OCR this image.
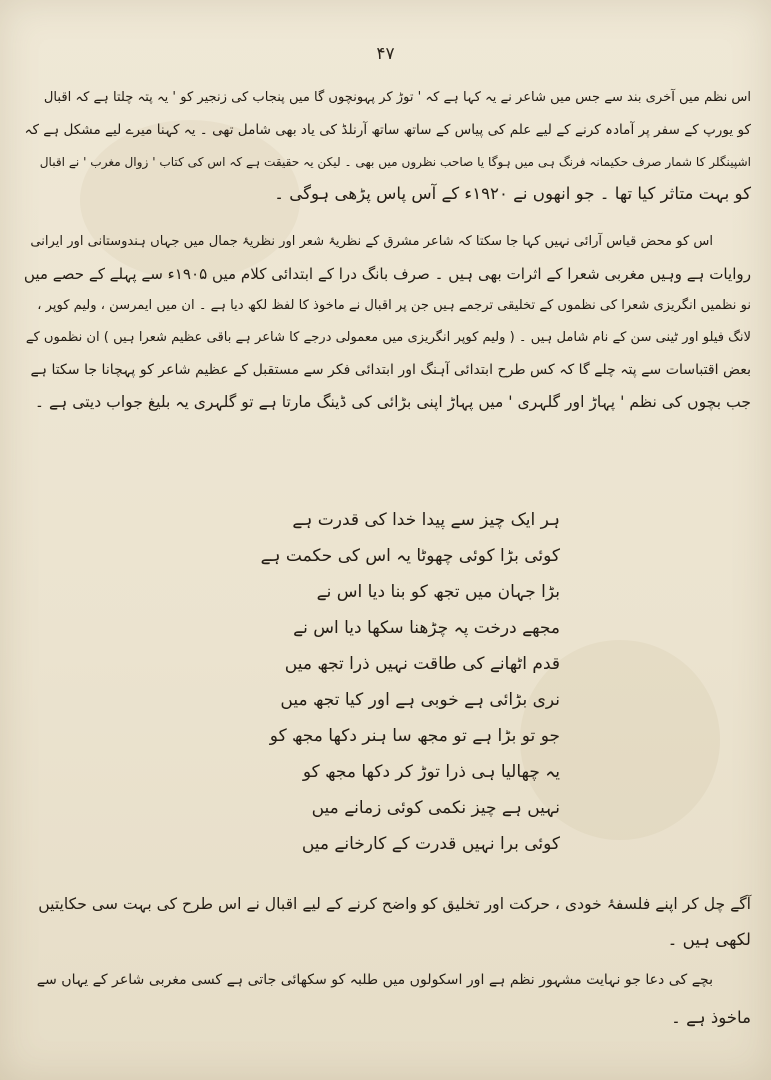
۴۷
اس نظم میں آخری بند سے جس میں شاعر نے یہ کہا ہے کہ ' توڑ کر پہونچوں گا میں پنجاب کی زنجیر کو ' یہ پتہ چلتا ہے کہ اقبال
کو یورپ کے سفر پر آمادہ کرنے کے لیے علم کی پیاس کے ساتھ ساتھ آرنلڈ کی یاد بھی شامل تھی ۔ یہ کہنا میرے لیے مشکل ہے کہ
اشپینگلر کا شمار صرف حکیمانہ فرنگ ہی میں ہوگا یا صاحب نظروں میں بھی ۔ لیکن یہ حقیقت ہے کہ اس کی کتاب ' زوال مغرب ' نے اقبال
کو بہت متاثر کیا تھا ۔ جو انھوں نے ۱۹۲۰ء کے آس پاس پڑھی ہوگی ۔
اس کو محض قیاس آرائی نہیں کہا جا سکتا کہ شاعر مشرق کے نظریۂ شعر اور نظریۂ جمال میں جہاں ہندوستانی اور ایرانی
روایات ہے وہیں مغربی شعرا کے اثرات بھی ہیں ۔ صرف بانگ درا کے ابتدائی کلام میں ۱۹۰۵ء سے پہلے کے حصے میں
نو نظمیں انگریزی شعرا کی نظموں کے تخلیقی ترجمے ہیں جن پر اقبال نے ماخوذ کا لفظ لکھ دیا ہے ۔ ان میں ایمرسن ، ولیم کوپر ،
لانگ فیلو اور ٹینی سن کے نام شامل ہیں ۔ ( ولیم کوپر انگریزی میں معمولی درجے کا شاعر ہے باقی عظیم شعرا ہیں ) ان نظموں کے
بعض اقتباسات سے پتہ چلے گا کہ کس طرح ابتدائی آہنگ اور ابتدائی فکر سے مستقبل کے عظیم شاعر کو پہچانا جا سکتا ہے
جب بچوں کی نظم ' پہاڑ اور گلہری ' میں پہاڑ اپنی بڑائی کی ڈینگ مارتا ہے تو گلہری یہ بلیغ جواب دیتی ہے ۔
ہر ایک چیز سے پیدا خدا کی قدرت ہے
کوئی بڑا کوئی چھوٹا یہ اس کی حکمت ہے
بڑا جہان میں تجھ کو بنا دیا اس نے
مجھے درخت پہ چڑھنا سکھا دیا اس نے
قدم اٹھانے کی طاقت نہیں ذرا تجھ میں
نری بڑائی ہے خوبی ہے اور کیا تجھ میں
جو تو بڑا ہے تو مجھ سا ہنر دکھا مجھ کو
یہ چھالیا ہی ذرا توڑ کر دکھا مجھ کو
نہیں ہے چیز نکمی کوئی زمانے میں
کوئی برا نہیں قدرت کے کارخانے میں
آگے چل کر اپنے فلسفۂ خودی ، حرکت اور تخلیق کو واضح کرنے کے لیے اقبال نے اس طرح کی بہت سی حکایتیں
لکھی ہیں ۔
بچے کی دعا جو نہایت مشہور نظم ہے اور اسکولوں میں طلبہ کو سکھائی جاتی ہے کسی مغربی شاعر کے یہاں سے
ماخوذ ہے ۔
